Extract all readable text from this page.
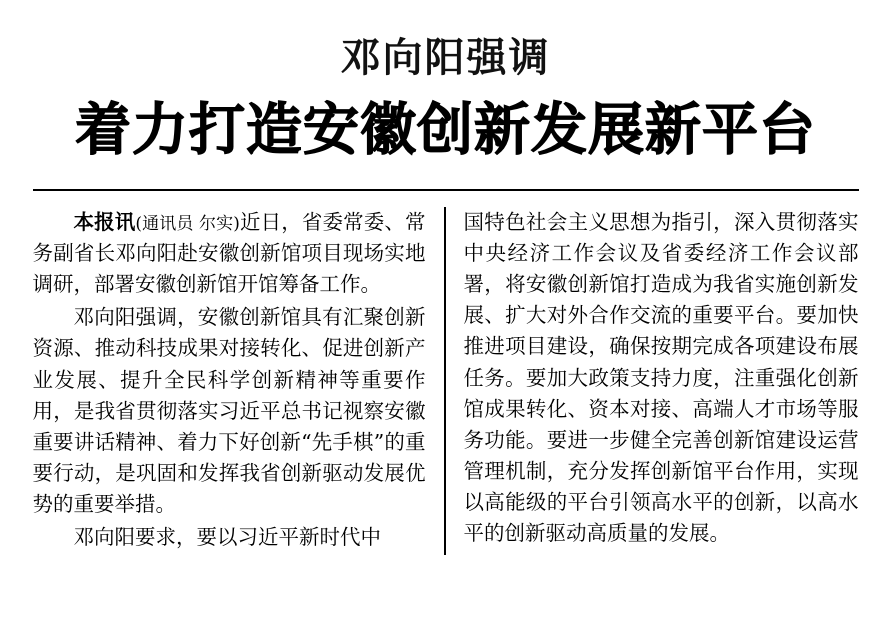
邓向阳强调
着力打造安徽创新发展新平台

本报讯(通讯员 尔实)近日，省委常委、常务副省长邓向阳赴安徽创新馆项目现场实地调研，部署安徽创新馆开馆筹备工作。

邓向阳强调，安徽创新馆具有汇聚创新资源、推动科技成果对接转化、促进创新产业发展、提升全民科学创新精神等重要作用，是我省贯彻落实习近平总书记视察安徽重要讲话精神、着力下好创新“先手棋”的重要行动，是巩固和发挥我省创新驱动发展优势的重要举措。

邓向阳要求，要以习近平新时代中

国特色社会主义思想为指引，深入贯彻落实中央经济工作会议及省委经济工作会议部署，将安徽创新馆打造成为我省实施创新发展、扩大对外合作交流的重要平台。要加快推进项目建设，确保按期完成各项建设布展任务。要加大政策支持力度，注重强化创新馆成果转化、资本对接、高端人才市场等服务功能。要进一步健全完善创新馆建设运营管理机制，充分发挥创新馆平台作用，实现以高能级的平台引领高水平的创新，以高水平的创新驱动高质量的发展。
